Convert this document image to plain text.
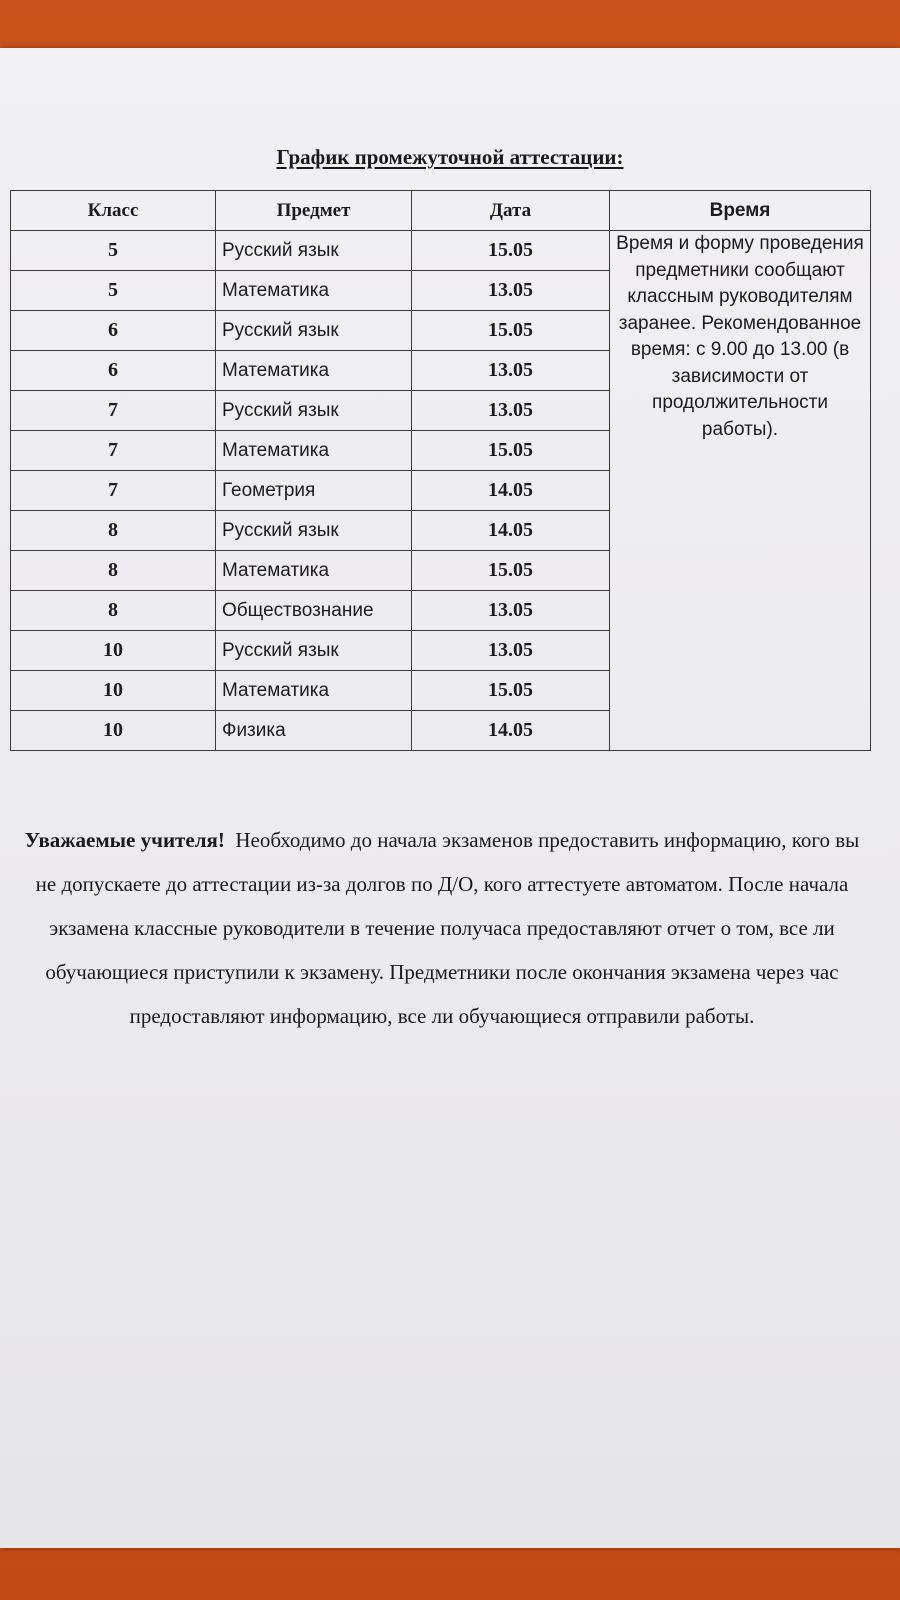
График промежуточной аттестации:
Класс	Предмет	Дата	Время
5	Русский язык	15.05	Время и форму проведения предметники сообщают классным руководителям заранее. Рекомендованное время: с 9.00 до 13.00 (в зависимости от продолжительности работы).
5	Математика	13.05	
6	Русский язык	15.05	
6	Математика	13.05	
7	Русский язык	13.05	
7	Математика	15.05	
7	Геометрия	14.05	
8	Русский язык	14.05	
8	Математика	15.05	
8	Обществознание	13.05	
10	Русский язык	13.05	
10	Математика	15.05	
10	Физика	14.05	
Уважаемые учителя! Необходимо до начала экзаменов предоставить информацию, кого вы не допускаете до аттестации из-за долгов по Д/О, кого аттестуете автоматом. После начала экзамена классные руководители в течение получаса предоставляют отчет о том, все ли обучающиеся приступили к экзамену. Предметники после окончания экзамена через час предоставляют информацию, все ли обучающиеся отправили работы.
